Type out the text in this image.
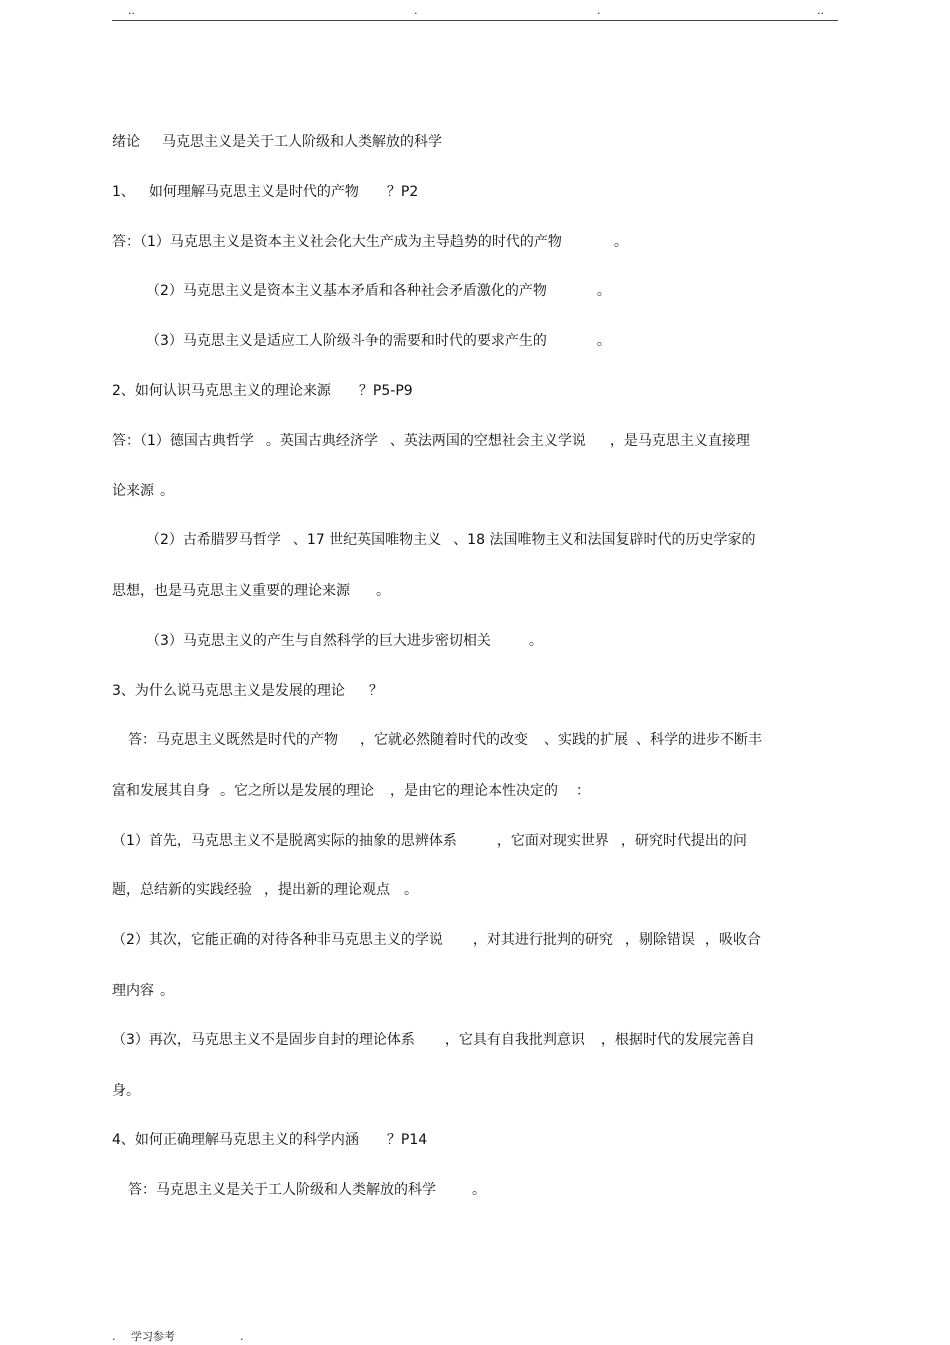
..	.	.	..
绪论 马克思主义是关于工人阶级和人类解放的科学
1、 如何理解马克思主义是时代的产物 ？P2
答：（1）马克思主义是资本主义社会化大生产成为主导趋势的时代的产物	。
（2）马克思主义是资本主义基本矛盾和各种社会矛盾激化的产物	。
（3）马克思主义是适应工人阶级斗争的需要和时代的要求产生的	。
2、如何认识马克思主义的理论来源 ？P5-P9
答：（1）德国古典哲学 。英国古典经济学 、英法两国的空想社会主义学说 ，是马克思主义直接理
论来源 。
（2）古希腊罗马哲学 、17 世纪英国唯物主义 、18 法国唯物主义和法国复辟时代的历史学家的
思想，也是马克思主义重要的理论来源 。
（3）马克思主义的产生与自然科学的巨大进步密切相关	。
3、为什么说马克思主义是发展的理论 ？
答：马克思主义既然是时代的产物 ，它就必然随着时代的改变 、实践的扩展 、科学的进步不断丰
富和发展其自身 。它之所以是发展的理论 ，是由它的理论本性决定的 ：
（1）首先，马克思主义不是脱离实际的抽象的思辨体系	，它面对现实世界 ，研究时代提出的问
题，总结新的实践经验 ，提出新的理论观点 。
（2）其次，它能正确的对待各种非马克思主义的学说 ，对其进行批判的研究 ，剔除错误 ，吸收合
理内容 。
（3）再次，马克思主义不是固步自封的理论体系 ，它具有自我批判意识 ，根据时代的发展完善自
身。
4、如何正确理解马克思主义的科学内涵 ？P14
答：马克思主义是关于工人阶级和人类解放的科学	。
. 学习参考	.
